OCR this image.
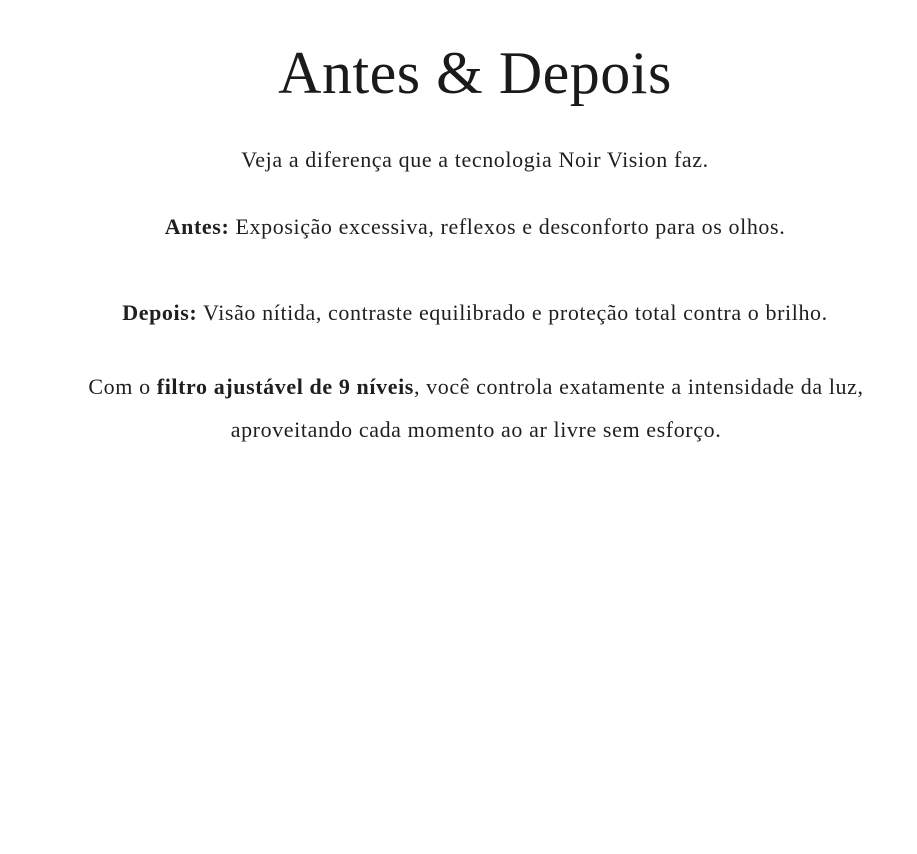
Antes & Depois

Veja a diferença que a tecnologia Noir Vision faz.

Antes: Exposição excessiva, reflexos e desconforto para os olhos.

Depois: Visão nítida, contraste equilibrado e proteção total contra o brilho.

Com o filtro ajustável de 9 níveis, você controla exatamente a intensidade da luz, aproveitando cada momento ao ar livre sem esforço.
